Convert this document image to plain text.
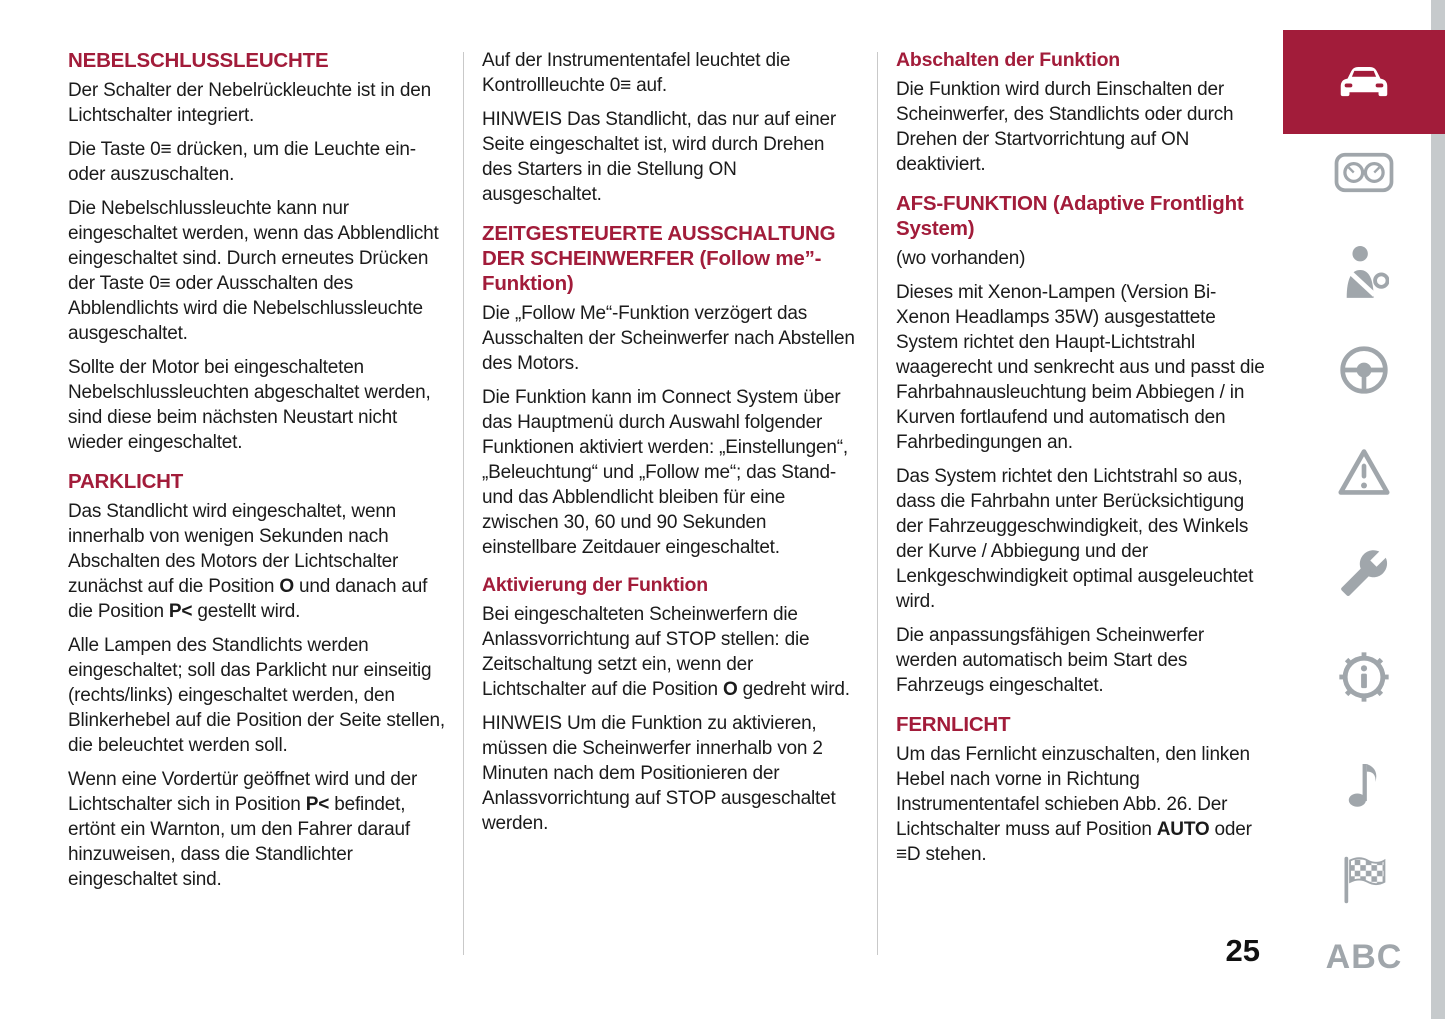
NEBELSCHLUSSLEUCHTE

Der Schalter der Nebelrückleuchte ist in den Lichtschalter integriert.

Die Taste 0≡ drücken, um die Leuchte ein- oder auszuschalten.

Die Nebelschlussleuchte kann nur eingeschaltet werden, wenn das Abblendlicht eingeschaltet sind. Durch erneutes Drücken der Taste 0≡ oder Ausschalten des Abblendlichts wird die Nebelschlussleuchte ausgeschaltet.

Sollte der Motor bei eingeschalteten Nebelschlussleuchten abgeschaltet werden, sind diese beim nächsten Neustart nicht wieder eingeschaltet.

PARKLICHT

Das Standlicht wird eingeschaltet, wenn innerhalb von wenigen Sekunden nach Abschalten des Motors der Lichtschalter zunächst auf die Position O und danach auf die Position P< gestellt wird.

Alle Lampen des Standlichts werden eingeschaltet; soll das Parklicht nur einseitig (rechts/links) eingeschaltet werden, den Blinkerhebel auf die Position der Seite stellen, die beleuchtet werden soll.

Wenn eine Vordertür geöffnet wird und der Lichtschalter sich in Position P< befindet, ertönt ein Warnton, um den Fahrer darauf hinzuweisen, dass die Standlichter eingeschaltet sind.

Auf der Instrumententafel leuchtet die Kontrollleuchte 0≡ auf.

HINWEIS Das Standlicht, das nur auf einer Seite eingeschaltet ist, wird durch Drehen des Starters in die Stellung ON ausgeschaltet.

ZEITGESTEUERTE AUSSCHALTUNG DER SCHEINWERFER (Follow me”-Funktion)

Die „Follow Me“-Funktion verzögert das Ausschalten der Scheinwerfer nach Abstellen des Motors.

Die Funktion kann im Connect System über das Hauptmenü durch Auswahl folgender Funktionen aktiviert werden: „Einstellungen“, „Beleuchtung“ und „Follow me“; das Stand- und das Abblendlicht bleiben für eine zwischen 30, 60 und 90 Sekunden einstellbare Zeitdauer eingeschaltet.

Aktivierung der Funktion

Bei eingeschalteten Scheinwerfern die Anlassvorrichtung auf STOP stellen: die Zeitschaltung setzt ein, wenn der Lichtschalter auf die Position O gedreht wird.

HINWEIS Um die Funktion zu aktivieren, müssen die Scheinwerfer innerhalb von 2 Minuten nach dem Positionieren der Anlassvorrichtung auf STOP ausgeschaltet werden.

Abschalten der Funktion

Die Funktion wird durch Einschalten der Scheinwerfer, des Standlichts oder durch Drehen der Startvorrichtung auf ON deaktiviert.

AFS-FUNKTION (Adaptive Frontlight System)

(wo vorhanden)

Dieses mit Xenon-Lampen (Version Bi-Xenon Headlamps 35W) ausgestattete System richtet den Haupt-Lichtstrahl waagerecht und senkrecht aus und passt die Fahrbahnausleuchtung beim Abbiegen / in Kurven fortlaufend und automatisch den Fahrbedingungen an.

Das System richtet den Lichtstrahl so aus, dass die Fahrbahn unter Berücksichtigung der Fahrzeuggeschwindigkeit, des Winkels der Kurve / Abbiegung und der Lenkgeschwindigkeit optimal ausgeleuchtet wird.

Die anpassungsfähigen Scheinwerfer werden automatisch beim Start des Fahrzeugs eingeschaltet.

FERNLICHT

Um das Fernlicht einzuschalten, den linken Hebel nach vorne in Richtung Instrumententafel schieben Abb. 26. Der Lichtschalter muss auf Position AUTO oder ≡D stehen.

25 ABC
